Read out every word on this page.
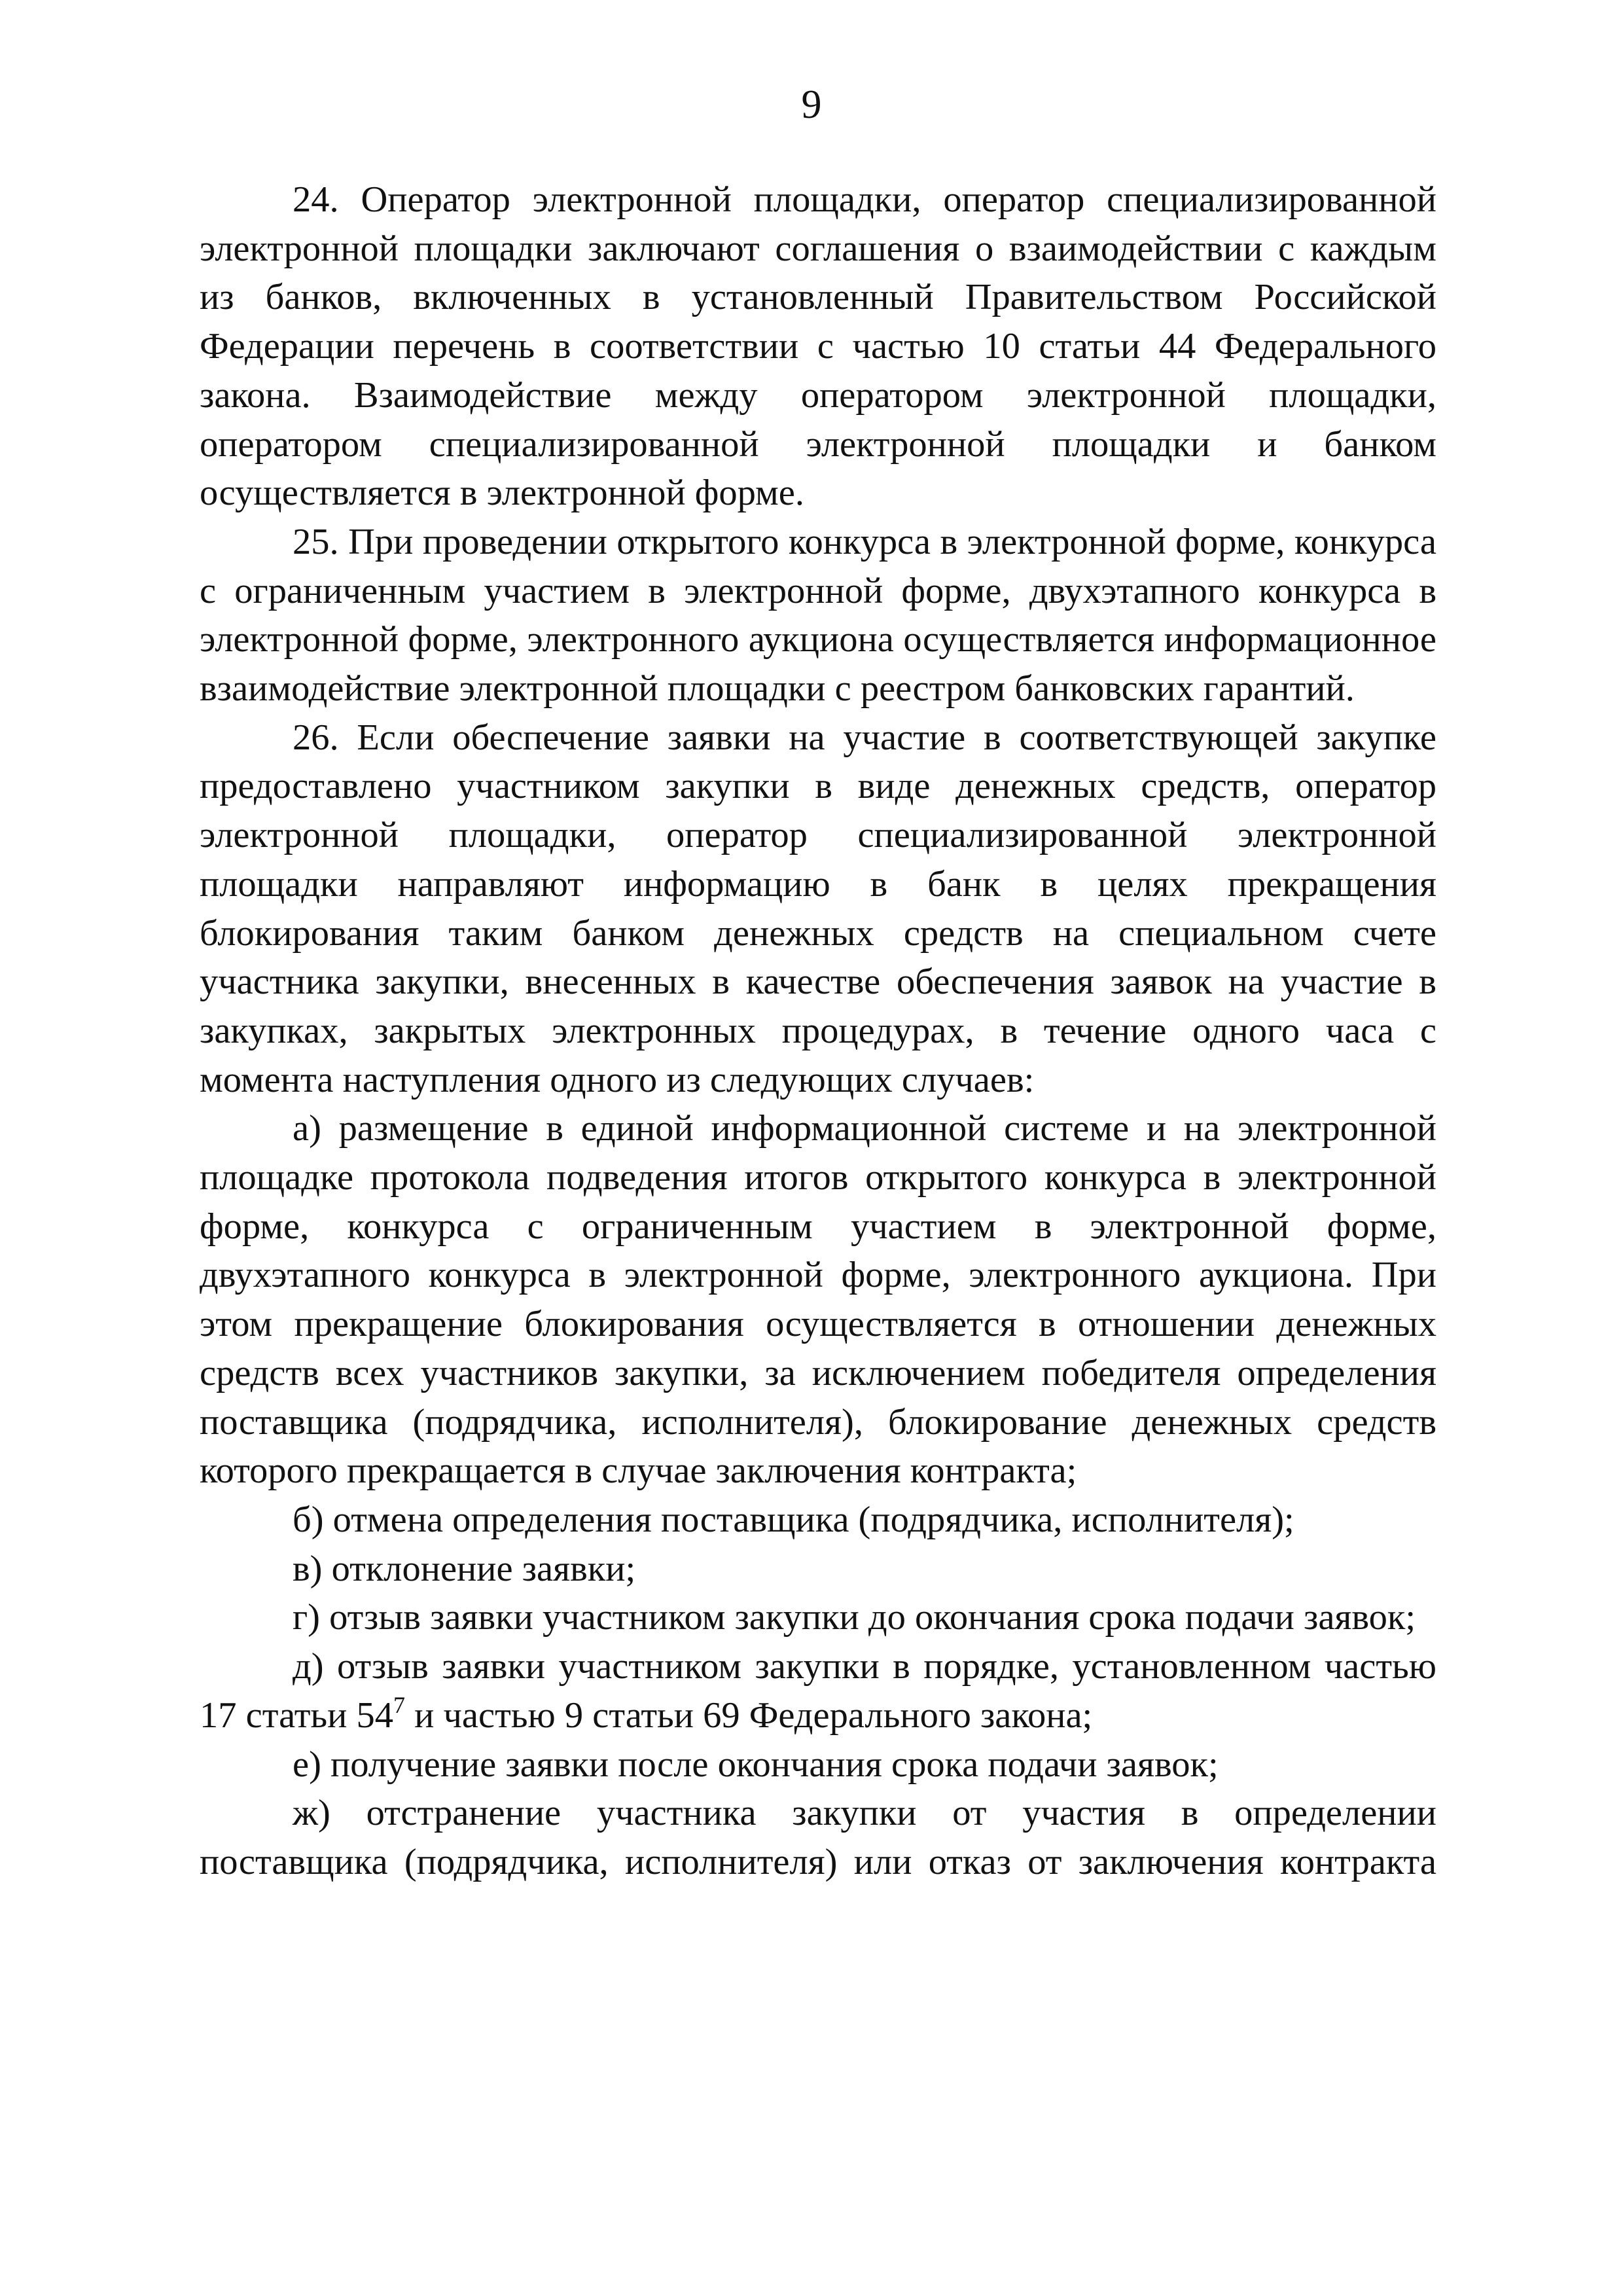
9

24. Оператор электронной площадки, оператор специализированной электронной площадки заключают соглашения о взаимодействии с каждым из банков, включенных в установленный Правительством Российской Федерации перечень в соответствии с частью 10 статьи 44 Федерального закона. Взаимодействие между оператором электронной площадки, оператором специализированной электронной площадки и банком осуществляется в электронной форме.

25. При проведении открытого конкурса в электронной форме, конкурса с ограниченным участием в электронной форме, двухэтапного конкурса в электронной форме, электронного аукциона осуществляется информационное взаимодействие электронной площадки с реестром банковских гарантий.

26. Если обеспечение заявки на участие в соответствующей закупке предоставлено участником закупки в виде денежных средств, оператор электронной площадки, оператор специализированной электронной площадки направляют информацию в банк в целях прекращения блокирования таким банком денежных средств на специальном счете участника закупки, внесенных в качестве обеспечения заявок на участие в закупках, закрытых электронных процедурах, в течение одного часа с момента наступления одного из следующих случаев:

а) размещение в единой информационной системе и на электронной площадке протокола подведения итогов открытого конкурса в электронной форме, конкурса с ограниченным участием в электронной форме, двухэтапного конкурса в электронной форме, электронного аукциона. При этом прекращение блокирования осуществляется в отношении денежных средств всех участников закупки, за исключением победителя определения поставщика (подрядчика, исполнителя), блокирование денежных средств которого прекращается в случае заключения контракта;

б) отмена определения поставщика (подрядчика, исполнителя);

в) отклонение заявки;

г) отзыв заявки участником закупки до окончания срока подачи заявок;

д) отзыв заявки участником закупки в порядке, установленном частью 17 статьи $54^7$ и частью 9 статьи 69 Федерального закона;

е) получение заявки после окончания срока подачи заявок;

ж) отстранение участника закупки от участия в определении поставщика (подрядчика, исполнителя) или отказ от заключения контракта
